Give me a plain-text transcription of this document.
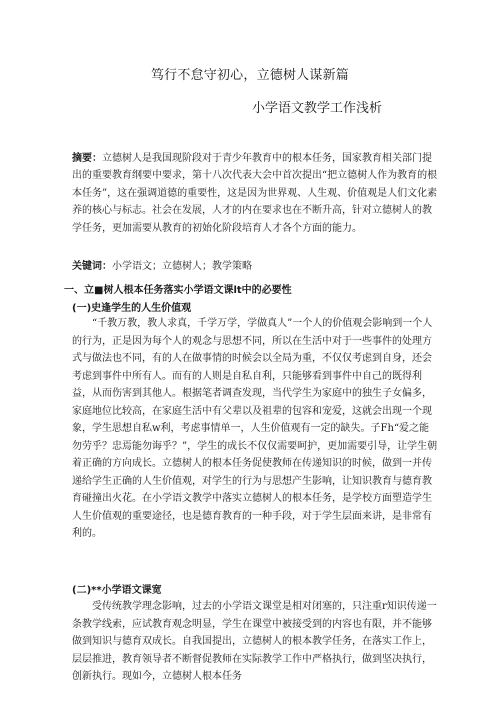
笃行不怠守初心，立德树人谋新篇
小学语文教学工作浅析
摘要：立德树人是我国现阶段对于青少年教育中的根本任务，国家教育相关部门提出的重要教育纲要中要求，第十八次代表大会中首次提出“把立德树人作为教育的根本任务”，这在强调道德的重要性，这是因为世界观、人生观、价值观是人们文化素养的核心与标志。社会在发展，人才的内在要求也在不断升高，针对立德树人的教学任务，更加需要从教育的初始化阶段培育人才各个方面的能力。
关键词：小学语文；立德树人；教学策略
一、立■树人根本任务落实小学语文课lt中的必要性
(一)史逢学生的人生价值观
“千教万教，教人求真，千学万学，学做真人”一个人的价值观会影响到一个人的行为，正是因为每个人的观念与思想不同，所以在生活中对于一些事件的处理方式与做法也不同，有的人在做事情的时候会以全局为重，不仅仅考虑到自身，还会考虑到事件中所有人。而有的人则是自私自利，只能够看到事件中自己的既得利益，从而伤害到其他人。根据笔者调查发现，当代学生为家庭中的独生子女偏多，家庭地位比较高，在家庭生活中有父辈以及祖辈的包容和宠爱，这就会出现一个现象，学生思想自私w利，考虑事情单一，人生价值观有一定的缺失。子Fh“爱之能勿劳乎？忠焉能勿诲乎？”，学生的成长不仅仅需要呵护，更加需要引导，让学生朝着正确的方向成长。立德树人的根本任务促使教师在传递知识的时候，做到一并传递给学生正确的人生价值观，对学生的行为与思想产生影响，让知识教育与德育教育碰撞出火花。在小学语文教学中落实立德树人的根本任务，是学校方面塑造学生人生价值观的重要途径，也是德育教育的一种手段，对于学生层面来讲，是非常有利的。
(二)**小学语文课宽
受传统教学理念影响，过去的小学语文课堂是相对闭塞的，只注重r知识传递一条教学线索，应试教育观念明显，学生在课堂中被接受到的内容也有限，并不能够做到知识与德育双成长。自我国提出，立德树人的根本教学任务，在落实工作上，层层推进，教育领导者不断督促教师在实际教学工作中严格执行，做到坚决执行，创新执行。现如今，立德树人根本任务
